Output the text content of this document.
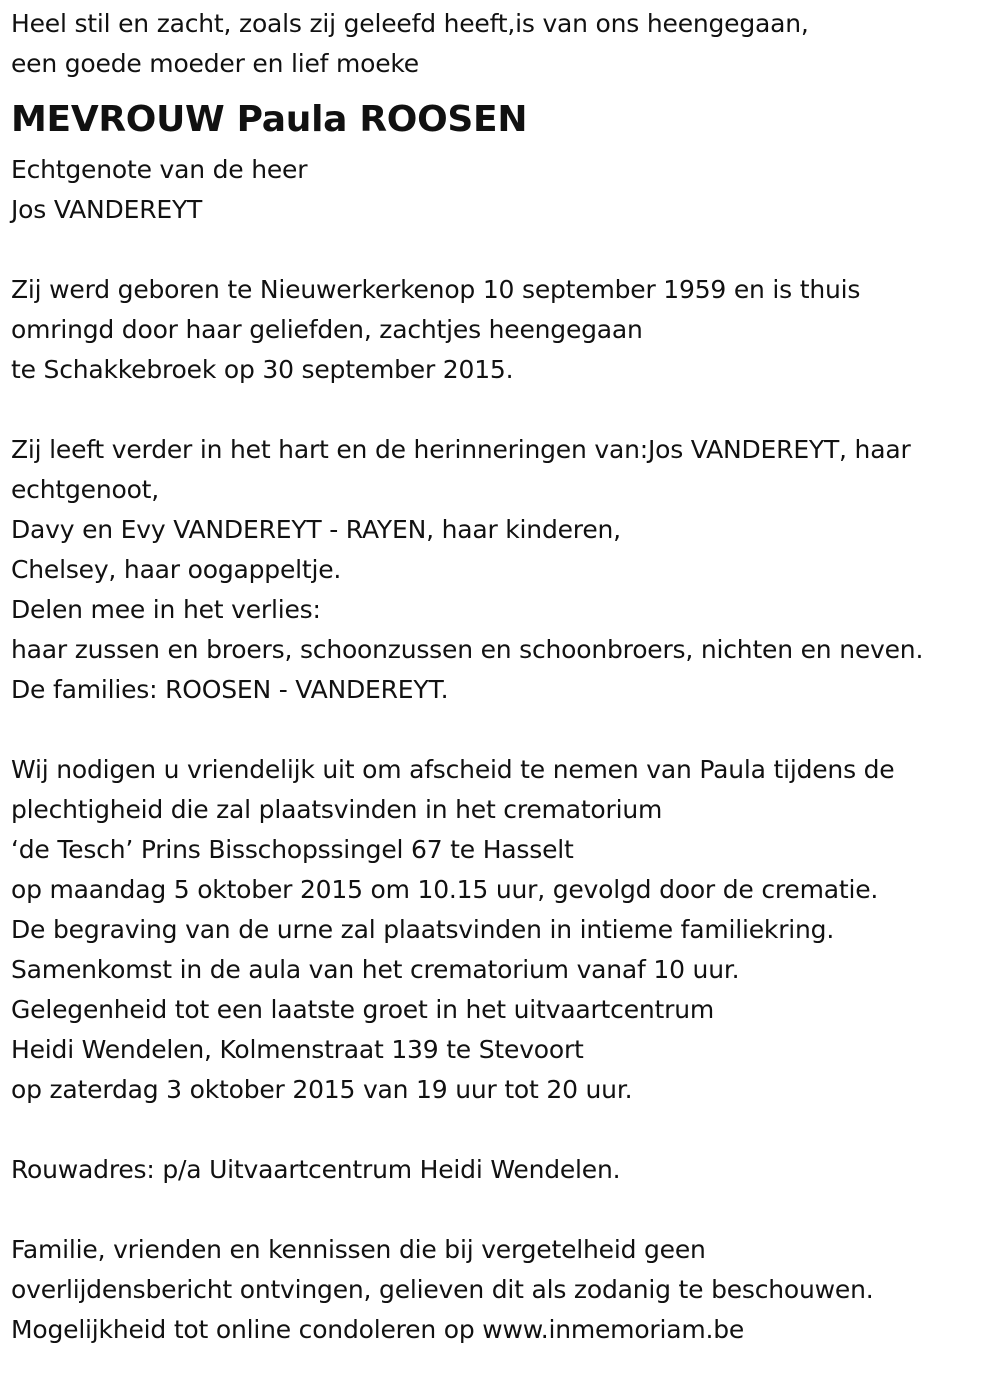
Heel stil en zacht, zoals zij geleefd heeft,is van ons heengegaan,
een goede moeder en lief moeke
MEVROUW Paula ROOSEN
Echtgenote van de heer
Jos VANDEREYT
Zij werd geboren te Nieuwerkerkenop 10 september 1959 en is thuis
omringd door haar geliefden, zachtjes heengegaan
te Schakkebroek op 30 september 2015.
Zij leeft verder in het hart en de herinneringen van:Jos VANDEREYT, haar
echtgenoot,
Davy en Evy VANDEREYT - RAYEN, haar kinderen,
Chelsey, haar oogappeltje.
Delen mee in het verlies:
haar zussen en broers, schoonzussen en schoonbroers, nichten en neven.
De families: ROOSEN - VANDEREYT.
Wij nodigen u vriendelijk uit om afscheid te nemen van Paula tijdens de
plechtigheid die zal plaatsvinden in het crematorium
‘de Tesch’ Prins Bisschopssingel 67 te Hasselt
op maandag 5 oktober 2015 om 10.15 uur, gevolgd door de crematie.
De begraving van de urne zal plaatsvinden in intieme familiekring.
Samenkomst in de aula van het crematorium vanaf 10 uur.
Gelegenheid tot een laatste groet in het uitvaartcentrum
Heidi Wendelen, Kolmenstraat 139 te Stevoort
op zaterdag 3 oktober 2015 van 19 uur tot 20 uur.
Rouwadres: p/a Uitvaartcentrum Heidi Wendelen.
Familie, vrienden en kennissen die bij vergetelheid geen
overlijdensbericht ontvingen, gelieven dit als zodanig te beschouwen.
Mogelijkheid tot online condoleren op www.inmemoriam.be
